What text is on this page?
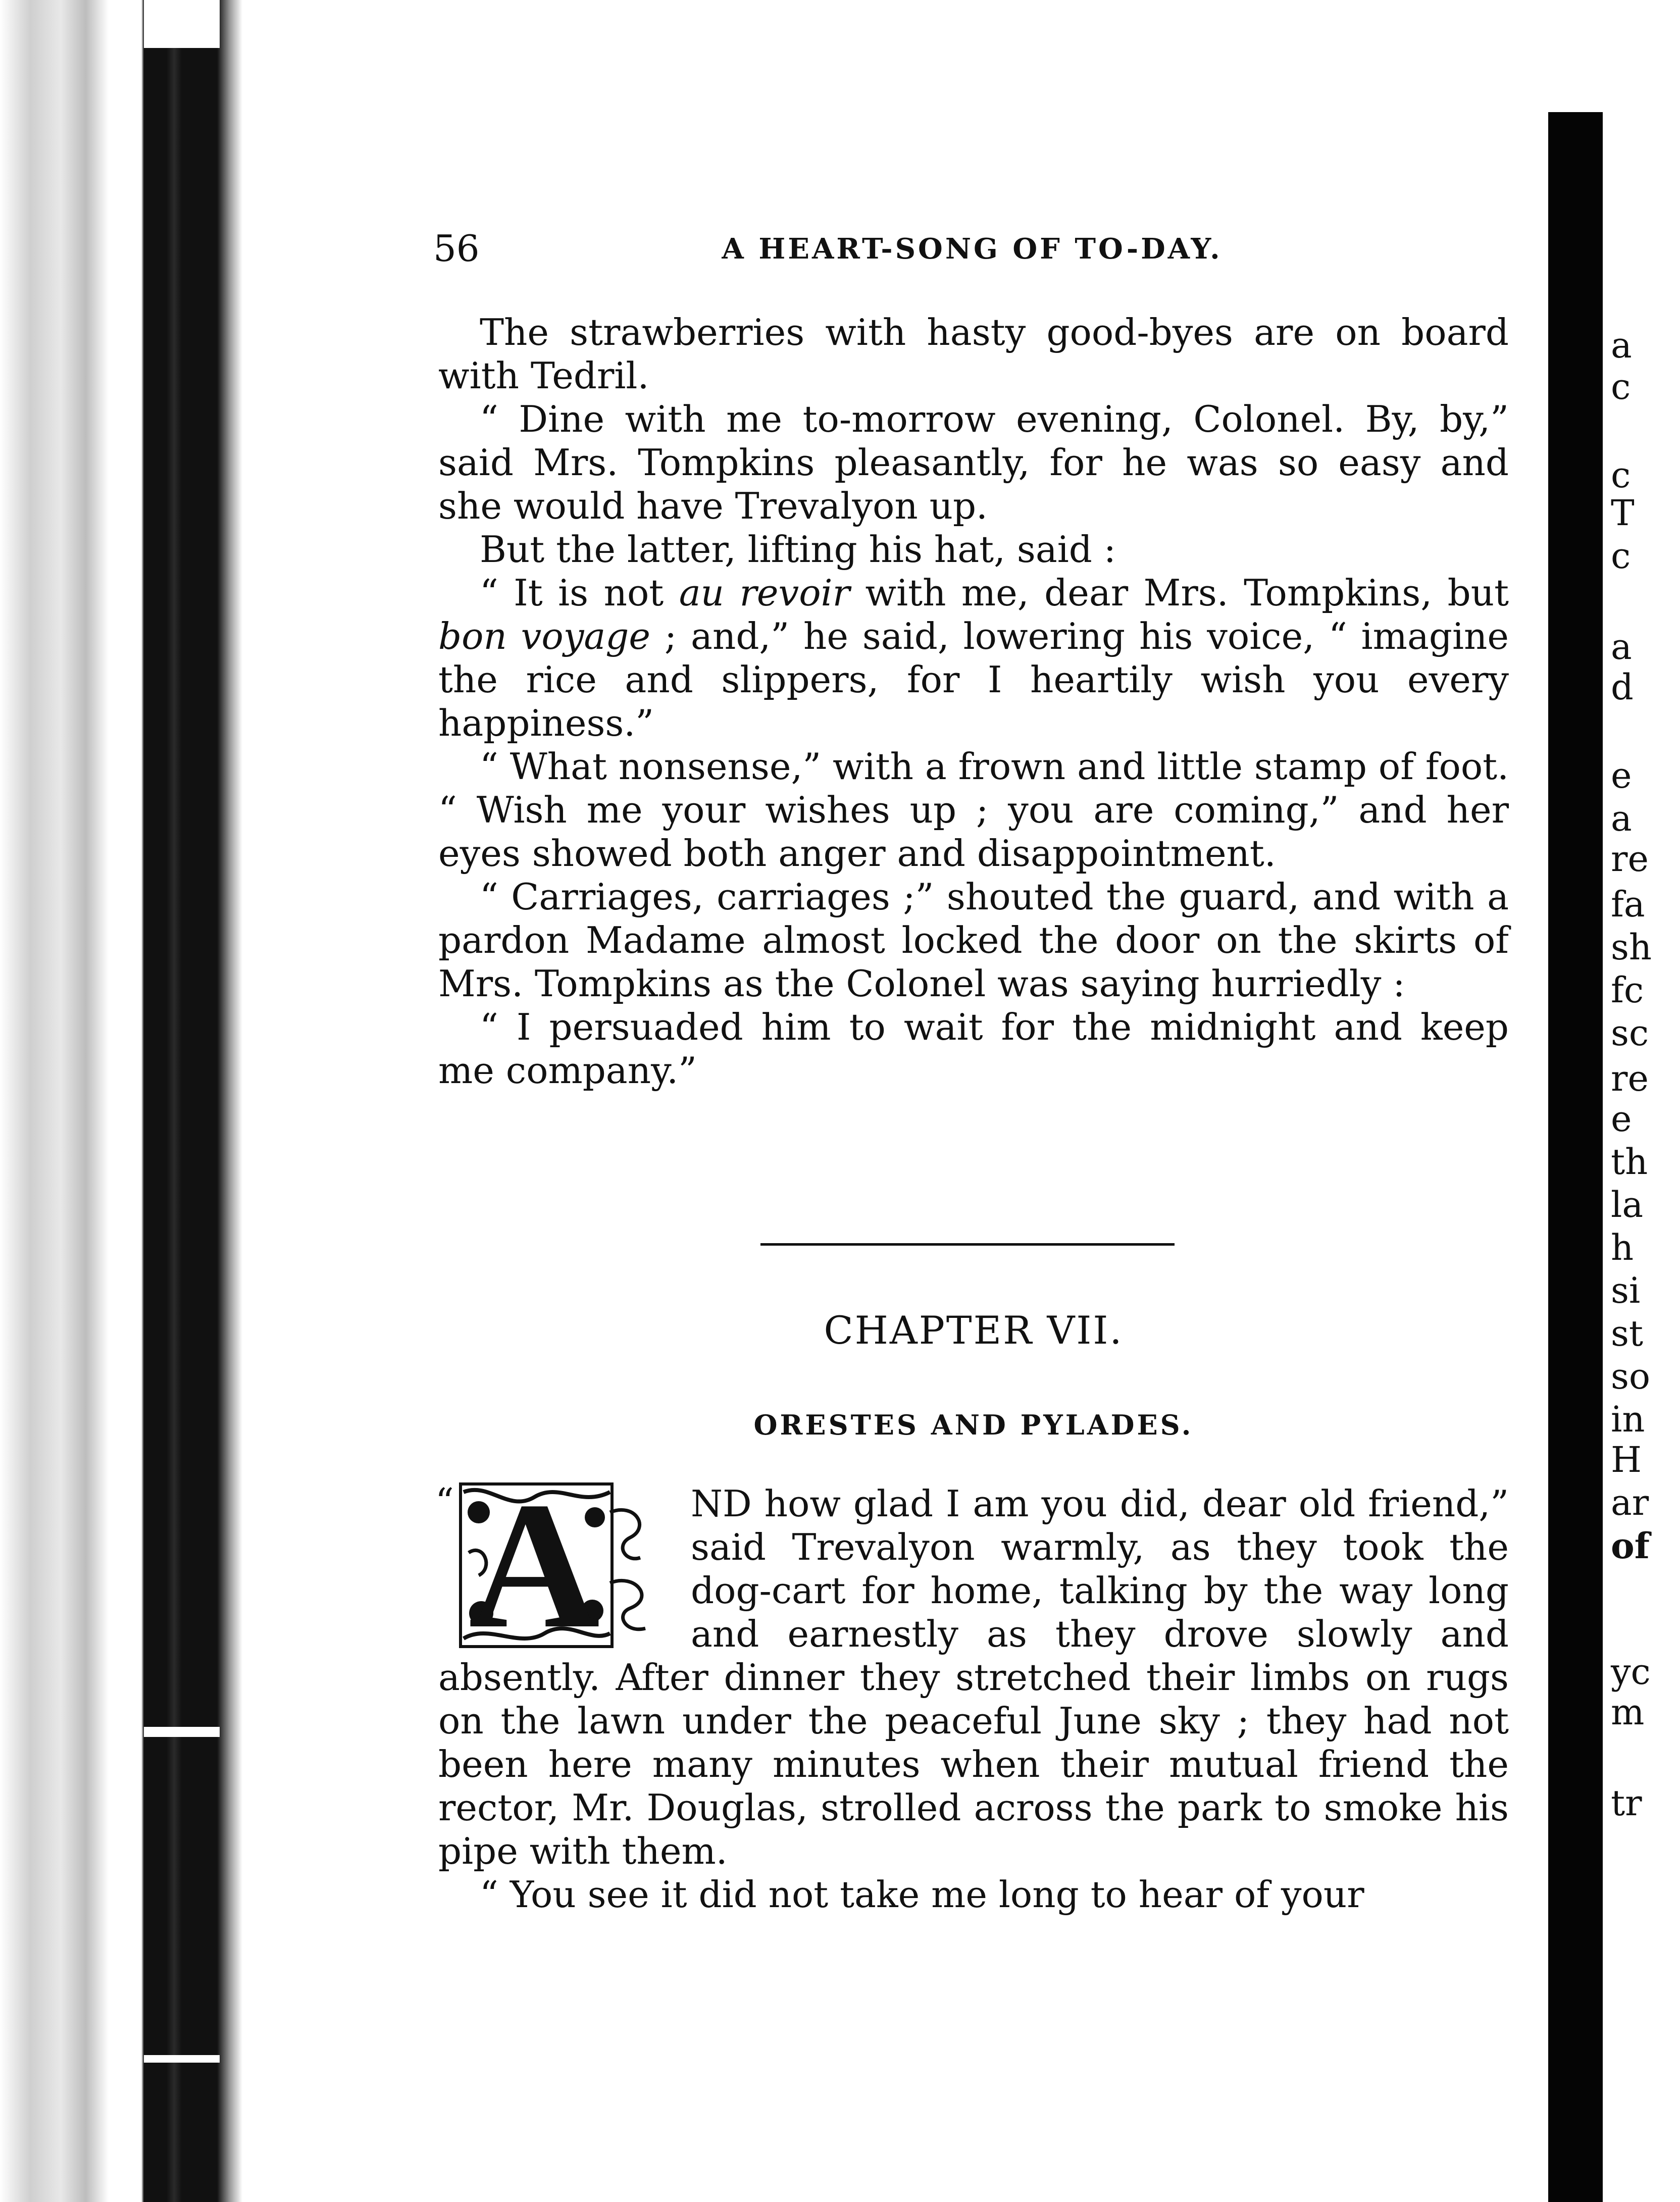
a
c
c
T
c
a
d
e
a
re
fa
sh
fc
sc
re
e
th
la
h
si
st
so
in
H
ar
of
yc
m
tr
56	A HEART-SONG OF TO-DAY.

The strawberries with hasty good-byes are on board with Tedril.

“ Dine with me to-morrow evening, Colonel. By, by,” said Mrs. Tompkins pleasantly, for he was so easy and she would have Trevalyon up.

But the latter, lifting his hat, said :

“ It is not au revoir with me, dear Mrs. Tompkins, but bon voyage ; and,” he said, lowering his voice, “ imagine the rice and slippers, for I heartily wish you every happiness.”

“ What nonsense,” with a frown and little stamp of foot. “ Wish me your wishes up ; you are coming,” and her eyes showed both anger and disappointment.

“ Carriages, carriages ;” shouted the guard, and with a pardon Madame almost locked the door on the skirts of Mrs. Tompkins as the Colonel was saying hurriedly :

“ I persuaded him to wait for the midnight and keep me company.”

CHAPTER VII.
ORESTES AND PYLADES.
“ A	ND how glad I am you did, dear old friend,” said Trevalyon warmly, as they took the dog-cart for home, talking by the way long and earnestly as they drove slowly and absently. After dinner they stretched their limbs on rugs on the lawn under the peaceful June sky ; they had not been here many minutes when their mutual friend the rector, Mr. Douglas, strolled across the park to smoke his pipe with them.

“ You see it did not take me long to hear of your
